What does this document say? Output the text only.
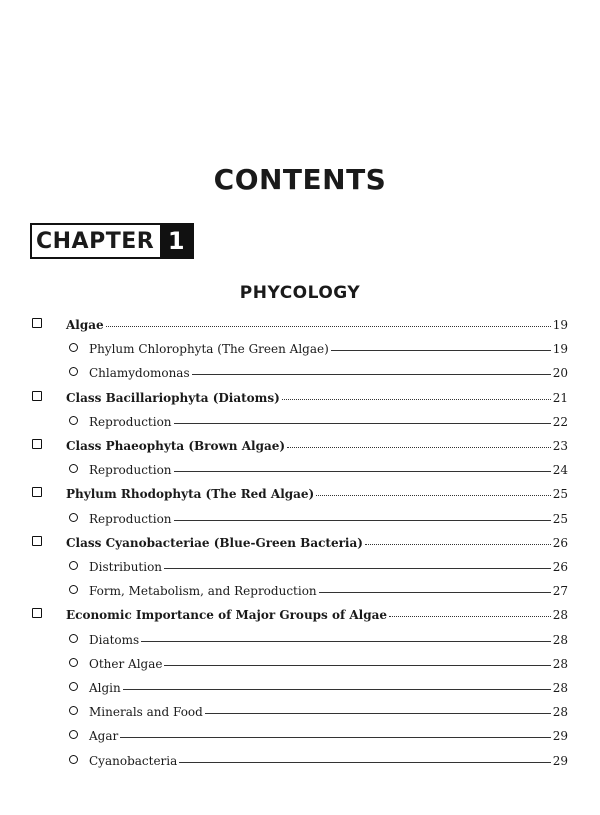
CONTENTS
CHAPTER 1
PHYCOLOGY
Algae	19
Phylum Chlorophyta (The Green Algae)	19
Chlamydomonas	20
Class Bacillariophyta (Diatoms)	21
Reproduction	22
Class Phaeophyta (Brown Algae)	23
Reproduction	24
Phylum Rhodophyta (The Red Algae)	25
Reproduction	25
Class Cyanobacteriae (Blue-Green Bacteria)	26
Distribution	26
Form, Metabolism, and Reproduction	27
Economic Importance of Major Groups of Algae	28
Diatoms	28
Other Algae	28
Algin	28
Minerals and Food	28
Agar	29
Cyanobacteria	29
